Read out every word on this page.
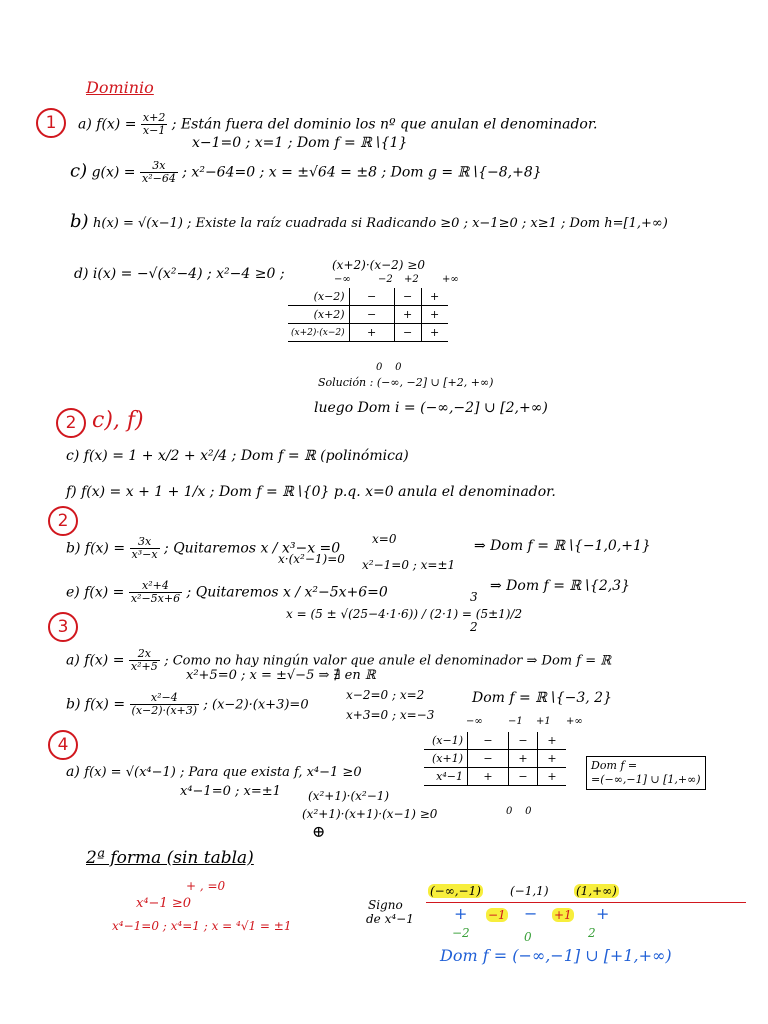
Dominio
1	a) $f(x) = \frac{x+2}{x-1}$ ; Están fuera del dominio los nº que anulan el denominador.
x−1=0 ; x=1 ; Dom f = ℝ∖{1}
c) $g(x) = \frac{3x}{\text{x²−64}}$ ; x²−64=0 ; x = ±√64 = ±8 ; Dom g = ℝ∖{−8,+8}
b) h(x) = √(x−1) ; Existe la raíz cuadrada si Radicando ≥0 ; x−1≥0 ; x≥1 ; Dom h=[1,+∞)
d) i(x) = −√(x²−4) ; x²−4 ≥0 ;
(x+2)·(x−2) ≥0
−∞	−2 +2 +∞
(x−2)	−	−	+
(x+2)	−	+	+
(x+2)·(x−2)	+	−	+
0    0
Solución : (−∞, −2] ∪ [+2, +∞)
luego Dom i = (−∞,−2] ∪ [2,+∞)
2 c), f)
c) f(x) = 1 + x/2 + x²/4 ; Dom f = ℝ (polinómica)
f) f(x) = x + 1 + 1/x ; Dom f = ℝ∖{0} p.q. x=0 anula el denominador.
2
b) $f(x) = \frac{3x}{\text{x³−x}}$ ; Quitaremos x / x³−x =0
x=0
x·(x²−1)=0 x²−1=0 ; x=±1
⇒ Dom f = ℝ∖{−1,0,+1}
e) $f(x) = \frac{\text{x²+4}}{\text{x²−5x+6}}$ ; Quitaremos x / x²−5x+6=0
x = (5 ± √(25−4·1·6)) / (2·1) = (5±1)/2
3
2
⇒ Dom f = ℝ∖{2,3}
3
a) $f(x) = \frac{2x}{\text{x²+5}}$ ; Como no hay ningún valor que anule el denominador ⇒ Dom f = ℝ
x²+5=0 ; x = ±√−5 ⇒ ∄ en ℝ
b) $f(x) = \frac{\text{x²−4}}{(x-2)\cdot(x+3)}$ ; (x−2)·(x+3)=0
x−2=0 ; x=2
x+3=0 ; x=−3
Dom f = ℝ∖{−3, 2}
4
a) f(x) = √(x⁴−1) ; Para que exista f, x⁴−1 ≥0
x⁴−1=0 ; x=±1 (x²+1)·(x²−1)
(x²+1)·(x+1)·(x−1) ≥0
⊕
−∞	−1 +1 +∞
(x−1)	−	−	+
(x+1)	−	+	+
x⁴−1	+	−	+
0    0
Dom f =
=(−∞,−1] ∪ [1,+∞)
2ª forma (sin tabla)
+ , =0
x⁴−1 ≥0
x⁴−1=0 ; x⁴=1 ; x = ⁴√1 = ±1
Signo
de x⁴−1
(−∞,−1) (−1,1) (1,+∞)
+ −1 − +1 +
−2	0	2
Dom f = (−∞,−1] ∪ [+1,+∞)
